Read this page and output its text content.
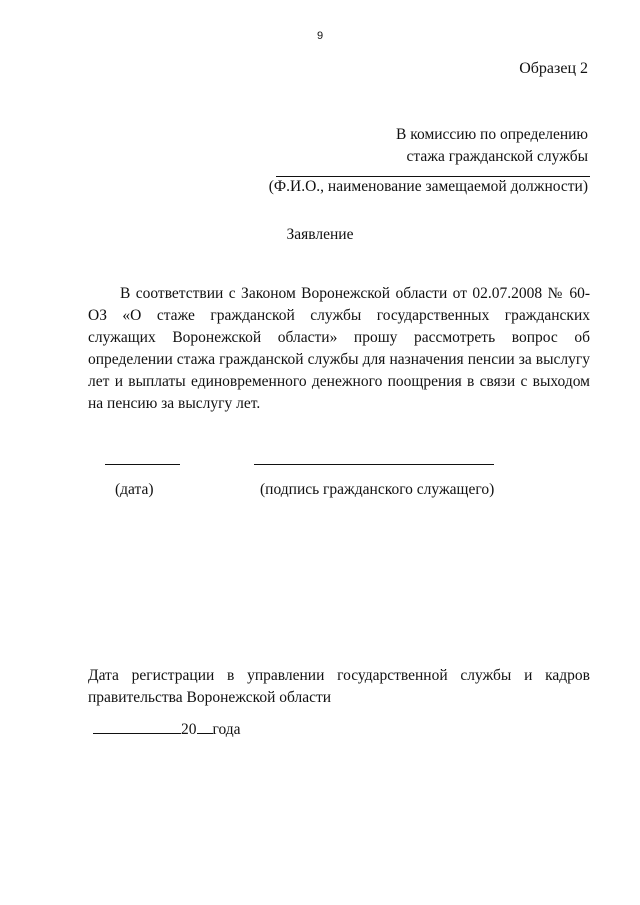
9
Образец 2
В комиссию по определению
стажа гражданской службы
(Ф.И.О., наименование замещаемой должности)
Заявление
В соответствии с Законом Воронежской области от 02.07.2008 № 60-ОЗ «О стаже гражданской службы государственных гражданских служащих Воронежской области» прошу рассмотреть вопрос об определении стажа гражданской службы для назначения пенсии за выслугу лет и выплаты единовременного денежного поощрения в связи с выходом на пенсию за выслугу лет.
(дата)	(подпись гражданского служащего)
Дата регистрации в управлении государственной службы и кадров правительства Воронежской области
20 года
